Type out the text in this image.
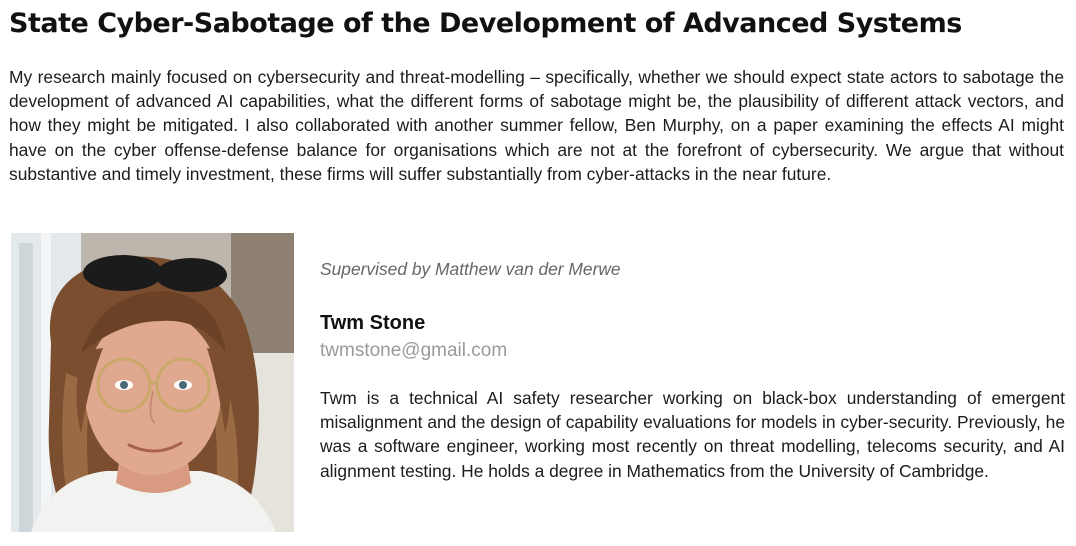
State Cyber-Sabotage of the Development of Advanced Systems

My research mainly focused on cybersecurity and threat-modelling – specifically, whether we should expect state actors to sabotage the development of advanced AI capabilities, what the different forms of sabotage might be, the plausibility of different attack vectors, and how they might be mitigated. I also collaborated with another summer fellow, Ben Murphy, on a paper examining the effects AI might have on the cyber offense-defense balance for organisations which are not at the forefront of cybersecurity. We argue that without substantive and timely investment, these firms will suffer substantially from cyber-attacks in the near future.

Supervised by Matthew van der Merwe

Twm Stone

twmstone@gmail.com

Twm is a technical AI safety researcher working on black-box understanding of emergent misalignment and the design of capability evaluations for models in cyber-security. Previously, he was a software engineer, working most recently on threat modelling, telecoms security, and AI alignment testing. He holds a degree in Mathematics from the University of Cambridge.
